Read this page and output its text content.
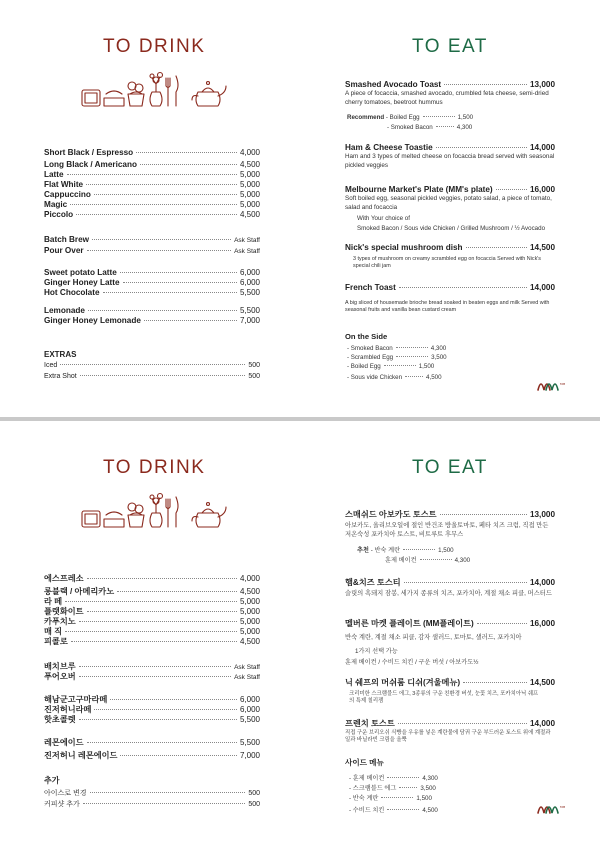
TO DRINK	TO EAT
Short Black / Espresso	4,000
Long Black / Americano	4,500
Latte	5,000
Flat White	5,000
Cappuccino	5,000
Magic	5,000
Piccolo	4,500
Batch Brew	Ask Staff
Pour Over	Ask Staff
Sweet potato Latte	6,000
Ginger Honey Latte	6,000
Hot Chocolate	5,500
Lemonade	5,500
Ginger Honey Lemonade	7,000
EXTRAS
Iced	500
Extra Shot	500
Smashed Avocado Toast	13,000
A piece of focaccia, smashed avocado, crumbled feta cheese, semi-dried cherry tomatoes, beetroot hummus
Recommend
- Boiled Egg	1,500
- Smoked Bacon	4,300
Ham & Cheese Toastie	14,000
Ham and 3 types of melted cheese on focaccia bread served with seasonal pickled veggies
Melbourne Market's Plate (MM's plate)	16,000
Soft boiled egg, seasonal pickled veggies, potato salad, a piece of tomato, salad and focaccia
With Your choice of
Smoked Bacon / Sous vide Chicken / Grilled Mushroom / ½ Avocado
Nick's special mushroom dish	14,500
3 types of mushroom on creamy scrambled egg on focaccia Served with Nick's special chili jam
French Toast	14,000
A big sliced of housemade brioche bread soaked in beaten eggs and milk Served with seasonal fruits and vanilla bean custard cream
On the Side
- Smoked Bacon	4,300
- Scrambled Egg	3,500
- Boiled Egg	1,500
- Sous vide Chicken	4,500
MM
TO DRINK	TO EAT
에스프레소	4,000
롱블랙 / 아메리카노	4,500
라 떼	5,000
플랫화이트	5,000
카푸치노	5,000
매 직	5,000
피콜로	4,500
배치브루	Ask Staff
푸어오버	Ask Staff
해남군고구마라떼	6,000
진저허니라떼	6,000
핫초콜렛	5,500
레몬에이드	5,500
진저허니 레몬에이드	7,000
추가
아이스로 변경	500
커피샷 추가	500
스매쉬드 아보카도 토스트	13,000
아보카도, 올리브오일에 절인 반건조 방울토마토, 페타 치즈 크럼, 직접 만든 저온숙성 포카치아 토스트, 비트루트 후무스
추천
- 반숙 계란	1,500
훈제 베이컨	4,300
햄&치즈 토스티	14,000
슬릿의 흑돼지 잠봉, 세가지 종류의 치즈, 포카치아, 계절 채소 피클, 머스터드
멜버른 마켓 플레이트 (MM플레이트)	16,000
반숙 계란, 계절 채소 피클, 감자 샐러드, 토마토, 샐러드, 포카치아
1가지 선택 가능
훈제 베이컨 / 수비드 치킨 / 구운 버섯 / 아보카도½
닉 쉐프의 머쉬룸 디쉬(겨울메뉴)	14,500
크리미한 스크램블드 에그, 3종류의 구운 친환경 버섯, 눈꽃 치즈, 포카치아닉 쉐프의 특제 칠리잼
프렌치 토스트	14,000
직접 구운 브리오쉬 식빵을 우유를 넣은 계란물에 담궈 구운 부드러운 토스트 위에 계절과일과 바닐라빈 크림을 올뿍
사이드 메뉴
- 훈제 베이컨	4,300
- 스크램블드 에그	3,500
- 반숙 계란	1,500
- 수비드 치킨	4,500	MM
